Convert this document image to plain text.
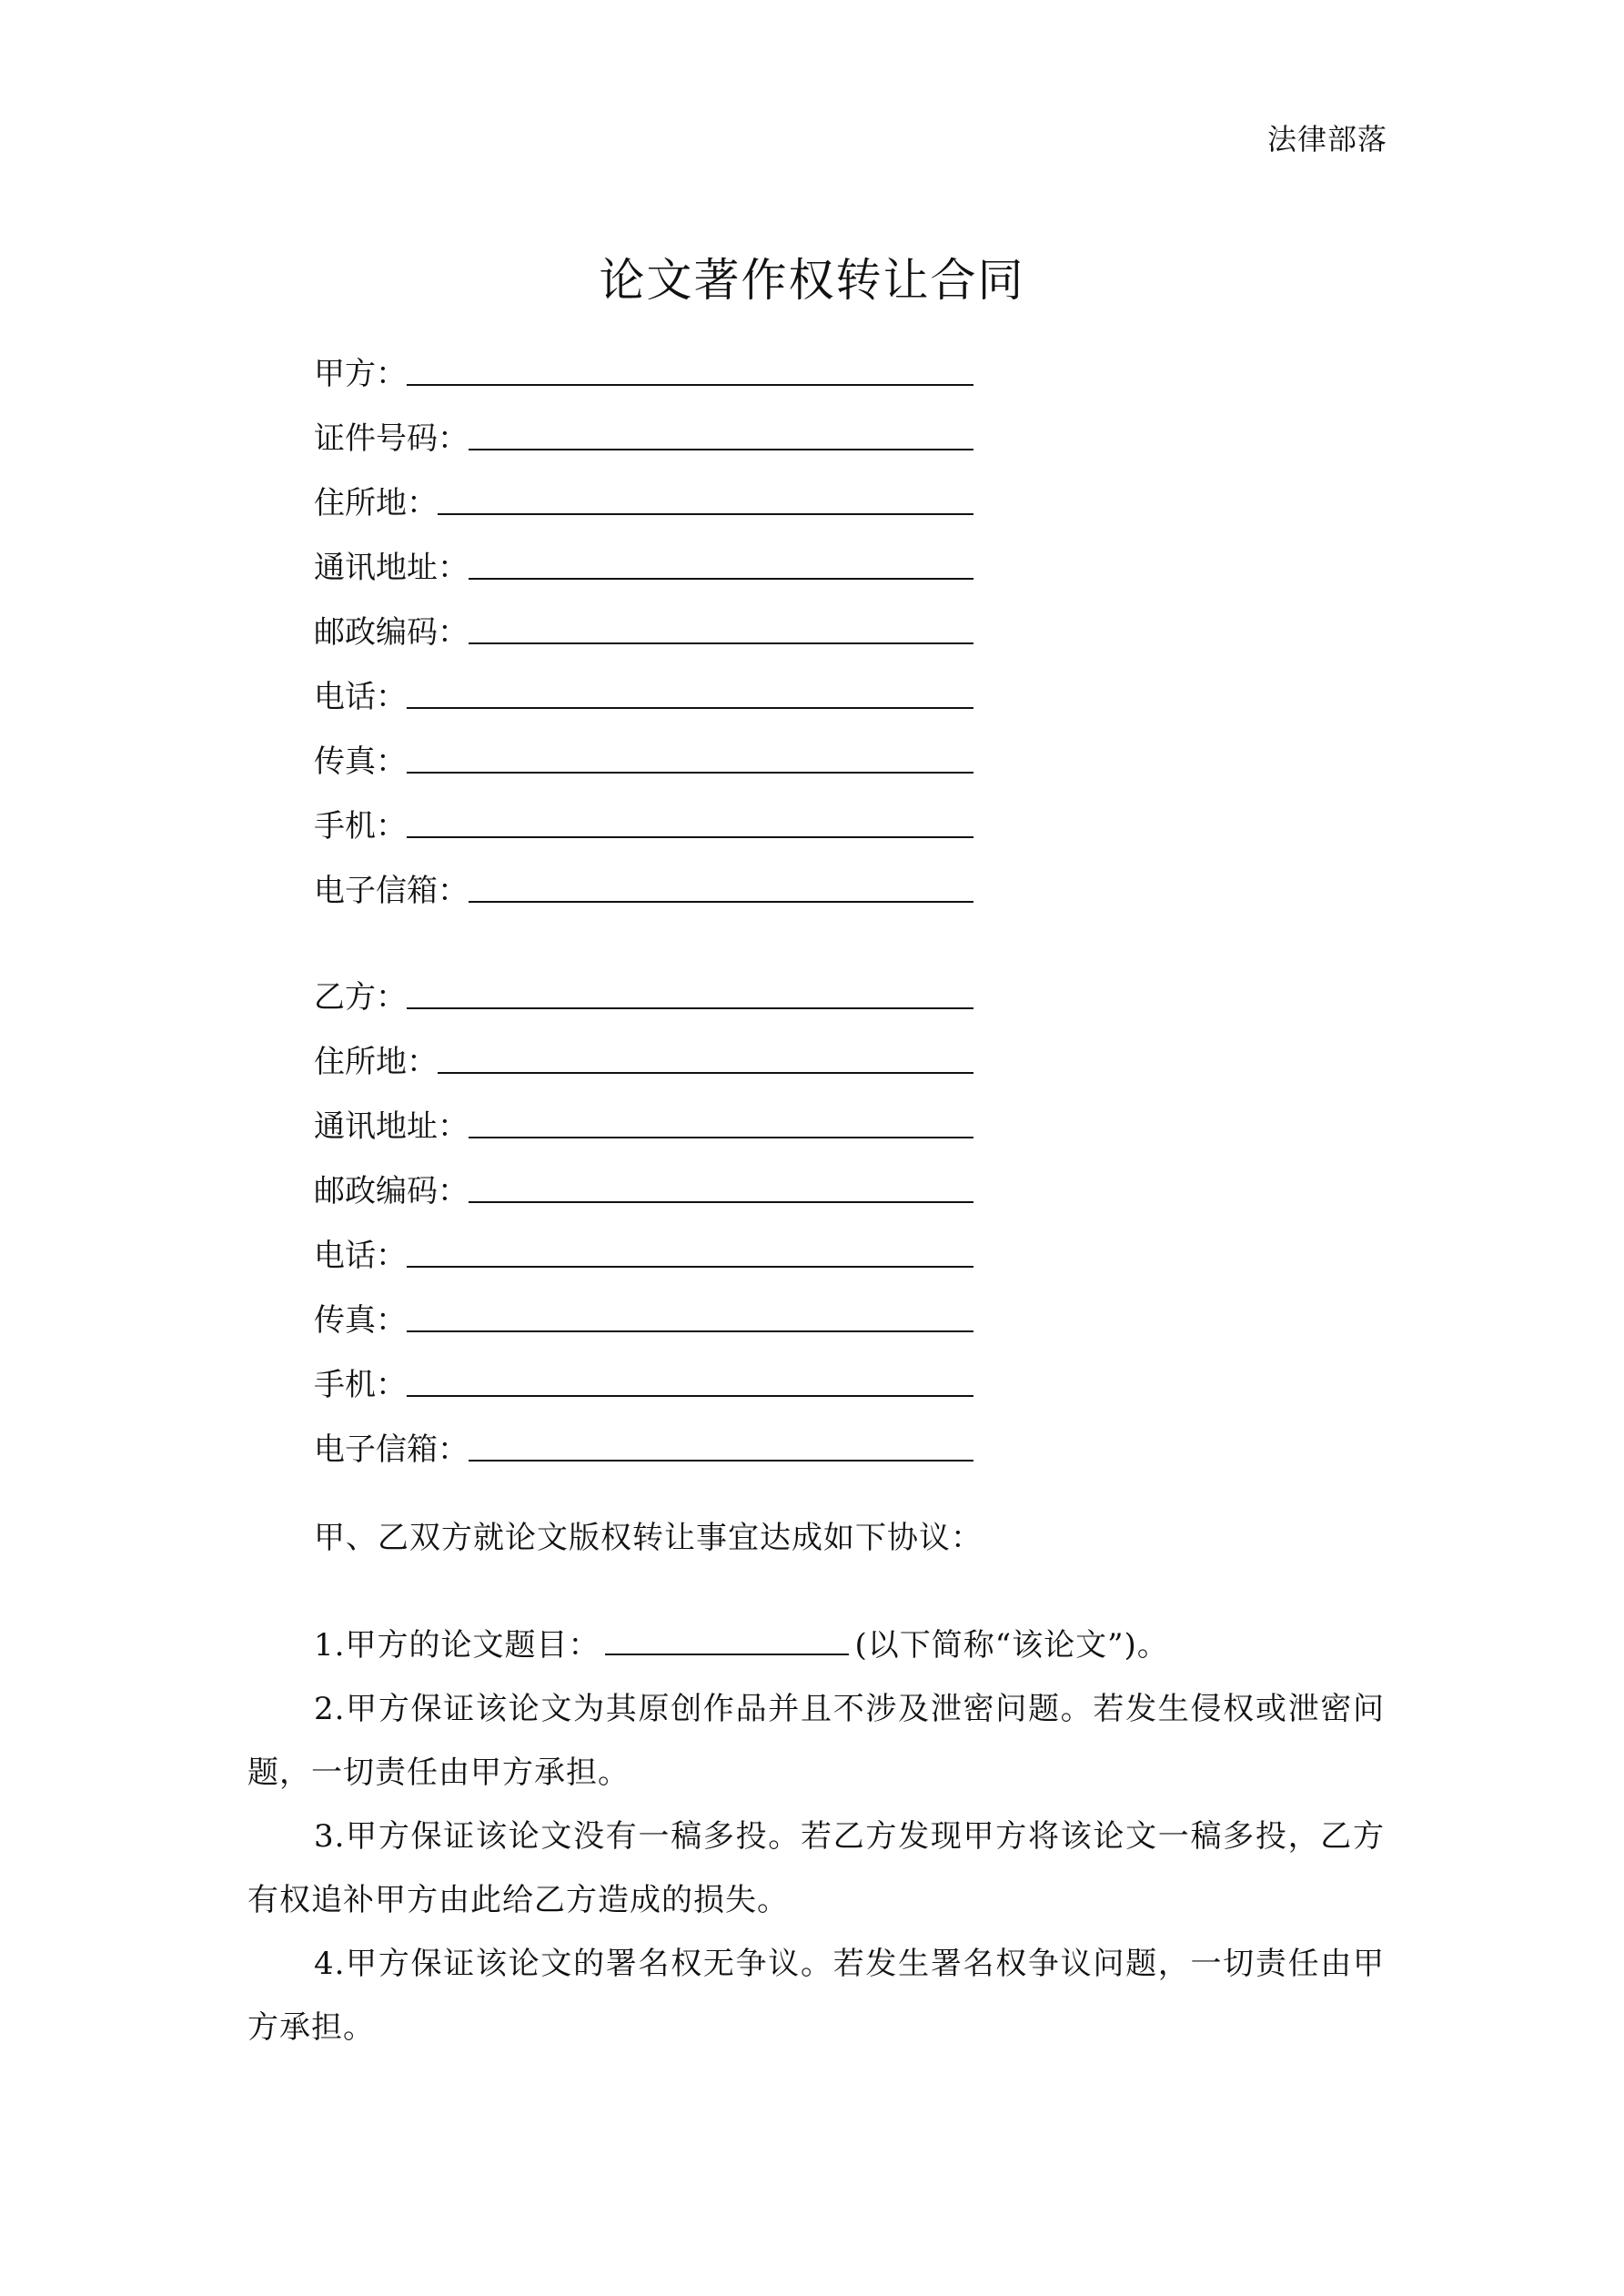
法律部落
论文著作权转让合同
甲方：
证件号码：
住所地：
通讯地址：
邮政编码：
电话：
传真：
手机：
电子信箱：
乙方：
住所地：
通讯地址：
邮政编码：
电话：
传真：
手机：
电子信箱：
甲、乙双方就论文版权转让事宜达成如下协议：
1.甲方的论文题目：	(以下简称“该论文”)。
2.甲方保证该论文为其原创作品并且不涉及泄密问题。若发生侵权或泄密问题，一切责任由甲方承担。
3.甲方保证该论文没有一稿多投。若乙方发现甲方将该论文一稿多投，乙方有权追补甲方由此给乙方造成的损失。
4.甲方保证该论文的署名权无争议。若发生署名权争议问题，一切责任由甲方承担。
